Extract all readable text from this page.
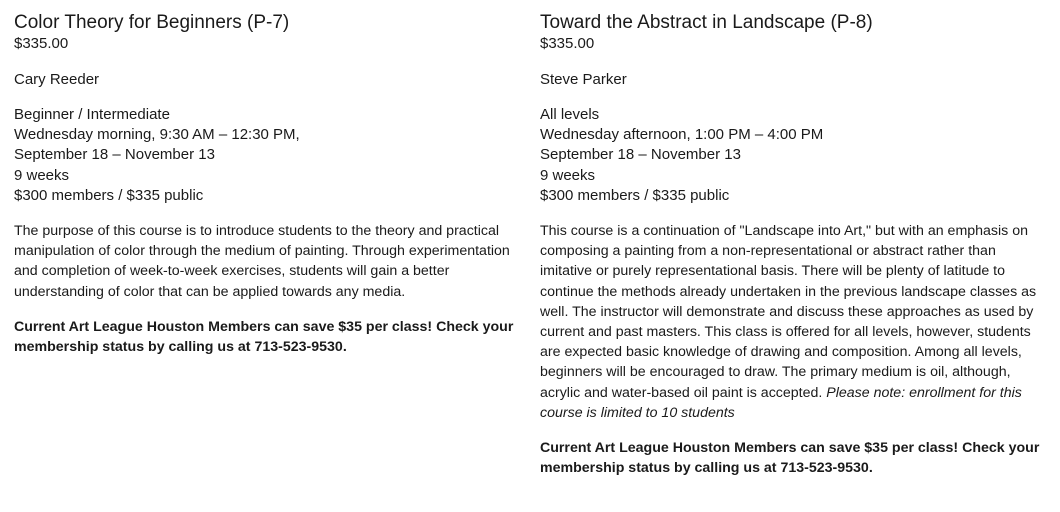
Color Theory for Beginners (P-7)

$335.00

Cary Reeder

Beginner / Intermediate
Wednesday morning, 9:30 AM – 12:30 PM,
September 18 – November 13
9 weeks
$300 members / $335 public

The purpose of this course is to introduce students to the theory and practical manipulation of color through the medium of painting. Through experimentation and completion of week-to-week exercises, students will gain a better understanding of color that can be applied towards any media.

Current Art League Houston Members can save $35 per class! Check your membership status by calling us at 713-523-9530.

Toward the Abstract in Landscape (P-8)

$335.00

Steve Parker

All levels
Wednesday afternoon, 1:00 PM – 4:00 PM
September 18 – November 13
9 weeks
$300 members / $335 public

This course is a continuation of "Landscape into Art," but with an emphasis on composing a painting from a non-representational or abstract rather than imitative or purely representational basis. There will be plenty of latitude to continue the methods already undertaken in the previous landscape classes as well. The instructor will demonstrate and discuss these approaches as used by current and past masters. This class is offered for all levels, however, students are expected basic knowledge of drawing and composition. Among all levels, beginners will be encouraged to draw. The primary medium is oil, although, acrylic and water-based oil paint is accepted. Please note: enrollment for this course is limited to 10 students

Current Art League Houston Members can save $35 per class! Check your membership status by calling us at 713-523-9530.
